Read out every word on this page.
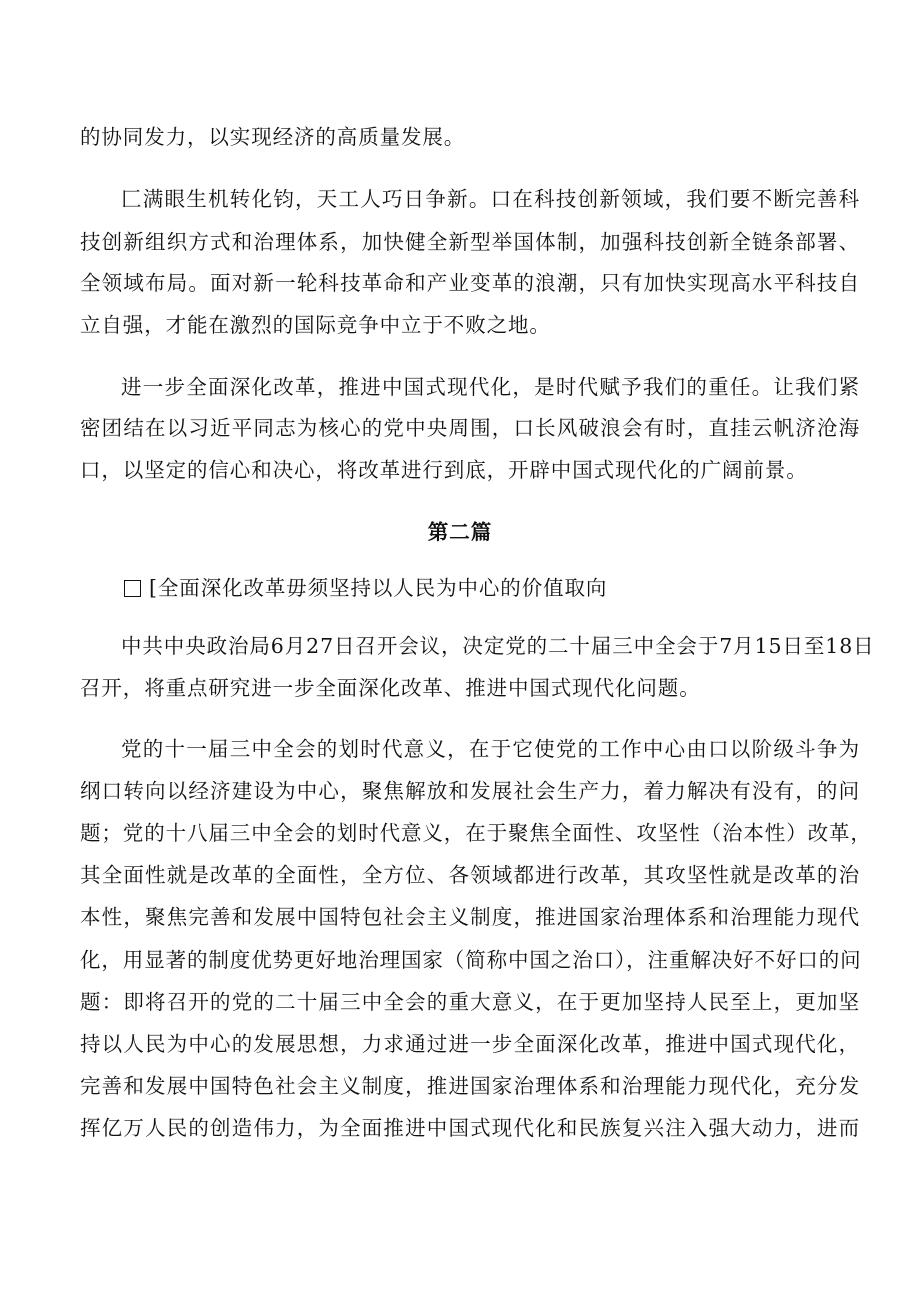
的协同发力，以实现经济的高质量发展。
匚满眼生机转化钧，天工人巧日争新。口在科技创新领域，我们要不断完善科
技创新组织方式和治理体系，加快健全新型举国体制，加强科技创新全链条部署、
全领域布局。面对新一轮科技革命和产业变革的浪潮，只有加快实现高水平科技自
立自强，才能在激烈的国际竞争中立于不败之地。
进一步全面深化改革，推进中国式现代化，是时代赋予我们的重任。让我们紧
密团结在以习近平同志为核心的党中央周围，口长风破浪会有时，直挂云帆济沧海
口，以坚定的信心和决心，将改革进行到底，开辟中国式现代化的广阔前景。
第二篇
[全面深化改革毋须坚持以人民为中心的价值取向
中共中央政治局6月27日召开会议，决定党的二十届三中全会于7月15日至18日
召开，将重点研究进一步全面深化改革、推进中国式现代化问题。
党的十一届三中全会的划时代意义，在于它使党的工作中心由口以阶级斗争为
纲口转向以经济建设为中心，聚焦解放和发展社会生产力，着力解决有没有，的问
题；党的十八届三中全会的划时代意义，在于聚焦全面性、攻坚性（治本性）改革，
其全面性就是改革的全面性，全方位、各领域都进行改革，其攻坚性就是改革的治
本性，聚焦完善和发展中国特包社会主义制度，推进国家治理体系和治理能力现代
化，用显著的制度优势更好地治理国家（简称中国之治口），注重解决好不好口的问
题：即将召开的党的二十届三中全会的重大意义，在于更加坚持人民至上，更加坚
持以人民为中心的发展思想，力求通过进一步全面深化改革，推进中国式现代化，
完善和发展中国特色社会主义制度，推进国家治理体系和治理能力现代化，充分发
挥亿万人民的创造伟力，为全面推进中国式现代化和民族复兴注入强大动力，进而
